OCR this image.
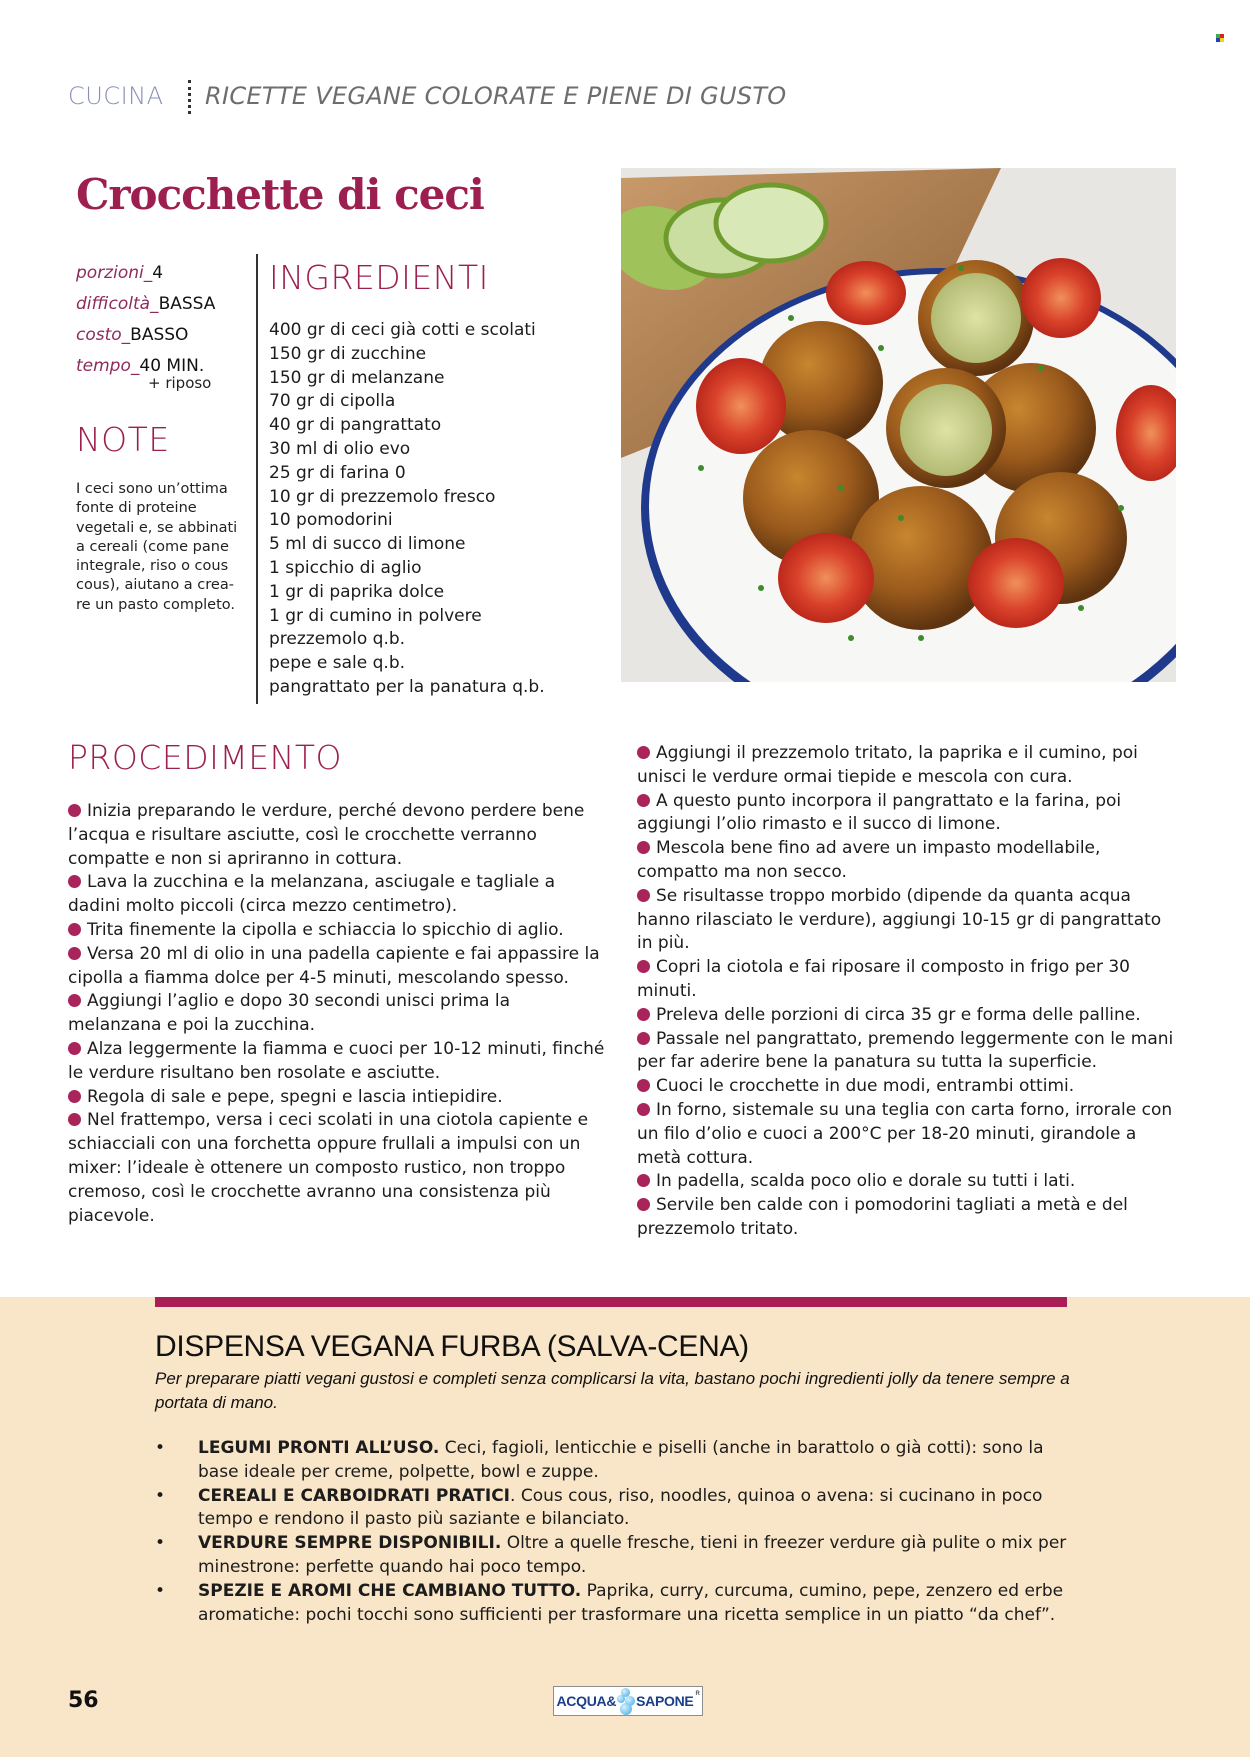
CUCINA RICETTE VEGANE COLORATE E PIENE DI GUSTO
Crocchette di ceci
porzioni_4
difficoltà_BASSA
costo_BASSO
tempo_40 MIN.
+ riposo
NOTE
I ceci sono un’ottima
fonte di proteine
vegetali e, se abbinati
a cereali (come pane
integrale, riso o cous
cous), aiutano a crea-
re un pasto completo.
INGREDIENTI
400 gr di ceci già cotti e scolati
150 gr di zucchine
150 gr di melanzane
70 gr di cipolla
40 gr di pangrattato
30 ml di olio evo
25 gr di farina 0
10 gr di prezzemolo fresco
10 pomodorini
5 ml di succo di limone
1 spicchio di aglio
1 gr di paprika dolce
1 gr di cumino in polvere
prezzemolo q.b.
pepe e sale q.b.
pangrattato per la panatura q.b.
PROCEDIMENTO

Inizia preparando le verdure, perché devono perdere bene l’acqua e risultare asciutte, così le crocchette verranno compatte e non si apriranno in cottura.

Lava la zucchina e la melanzana, asciugale e tagliale a dadini molto piccoli (circa mezzo centimetro).

Trita finemente la cipolla e schiaccia lo spicchio di aglio.

Versa 20 ml di olio in una padella capiente e fai appassire la cipolla a fiamma dolce per 4-5 minuti, mescolando spesso.

Aggiungi l’aglio e dopo 30 secondi unisci prima la melanzana e poi la zucchina.

Alza leggermente la fiamma e cuoci per 10-12 minuti, finché le verdure risultano ben rosolate e asciutte.

Regola di sale e pepe, spegni e lascia intiepidire.

Nel frattempo, versa i ceci scolati in una ciotola capiente e schiacciali con una forchetta oppure frullali a impulsi con un mixer: l’ideale è ottenere un composto rustico, non troppo cremoso, così le crocchette avranno una consistenza più piacevole.

Aggiungi il prezzemolo tritato, la paprika e il cumino, poi unisci le verdure ormai tiepide e mescola con cura.

A questo punto incorpora il pangrattato e la farina, poi aggiungi l’olio rimasto e il succo di limone.

Mescola bene fino ad avere un impasto modellabile, compatto ma non secco.

Se risultasse troppo morbido (dipende da quanta acqua hanno rilasciato le verdure), aggiungi 10-15 gr di pangrattato in più.

Copri la ciotola e fai riposare il composto in frigo per 30 minuti.

Preleva delle porzioni di circa 35 gr e forma delle palline.

Passale nel pangrattato, premendo leggermente con le mani per far aderire bene la panatura su tutta la superficie.

Cuoci le crocchette in due modi, entrambi ottimi.

In forno, sistemale su una teglia con carta forno, irrorale con un filo d’olio e cuoci a 200°C per 18-20 minuti, girandole a metà cottura.

In padella, scalda poco olio e dorale su tutti i lati.

Servile ben calde con i pomodorini tagliati a metà e del prezzemolo tritato.

DISPENSA VEGANA FURBA (SALVA-CENA)

Per preparare piatti vegani gustosi e completi senza complicarsi la vita, bastano pochi ingredienti jolly da tenere sempre a portata di mano.

• LEGUMI PRONTI ALL’USO. Ceci, fagioli, lenticchie e piselli (anche in barattolo o già cotti): sono la base ideale per creme, polpette, bowl e zuppe.
• CEREALI E CARBOIDRATI PRATICI. Cous cous, riso, noodles, quinoa o avena: si cucinano in poco tempo e rendono il pasto più saziante e bilanciato.
• VERDURE SEMPRE DISPONIBILI. Oltre a quelle fresche, tieni in freezer verdure già pulite o mix per minestrone: perfette quando hai poco tempo.
• SPEZIE E AROMI CHE CAMBIANO TUTTO. Paprika, curry, curcuma, cumino, pepe, zenzero ed erbe aromatiche: pochi tocchi sono sufficienti per trasformare una ricetta semplice in un piatto “da chef”.
56	ACQUA& SAPONE $^R$
